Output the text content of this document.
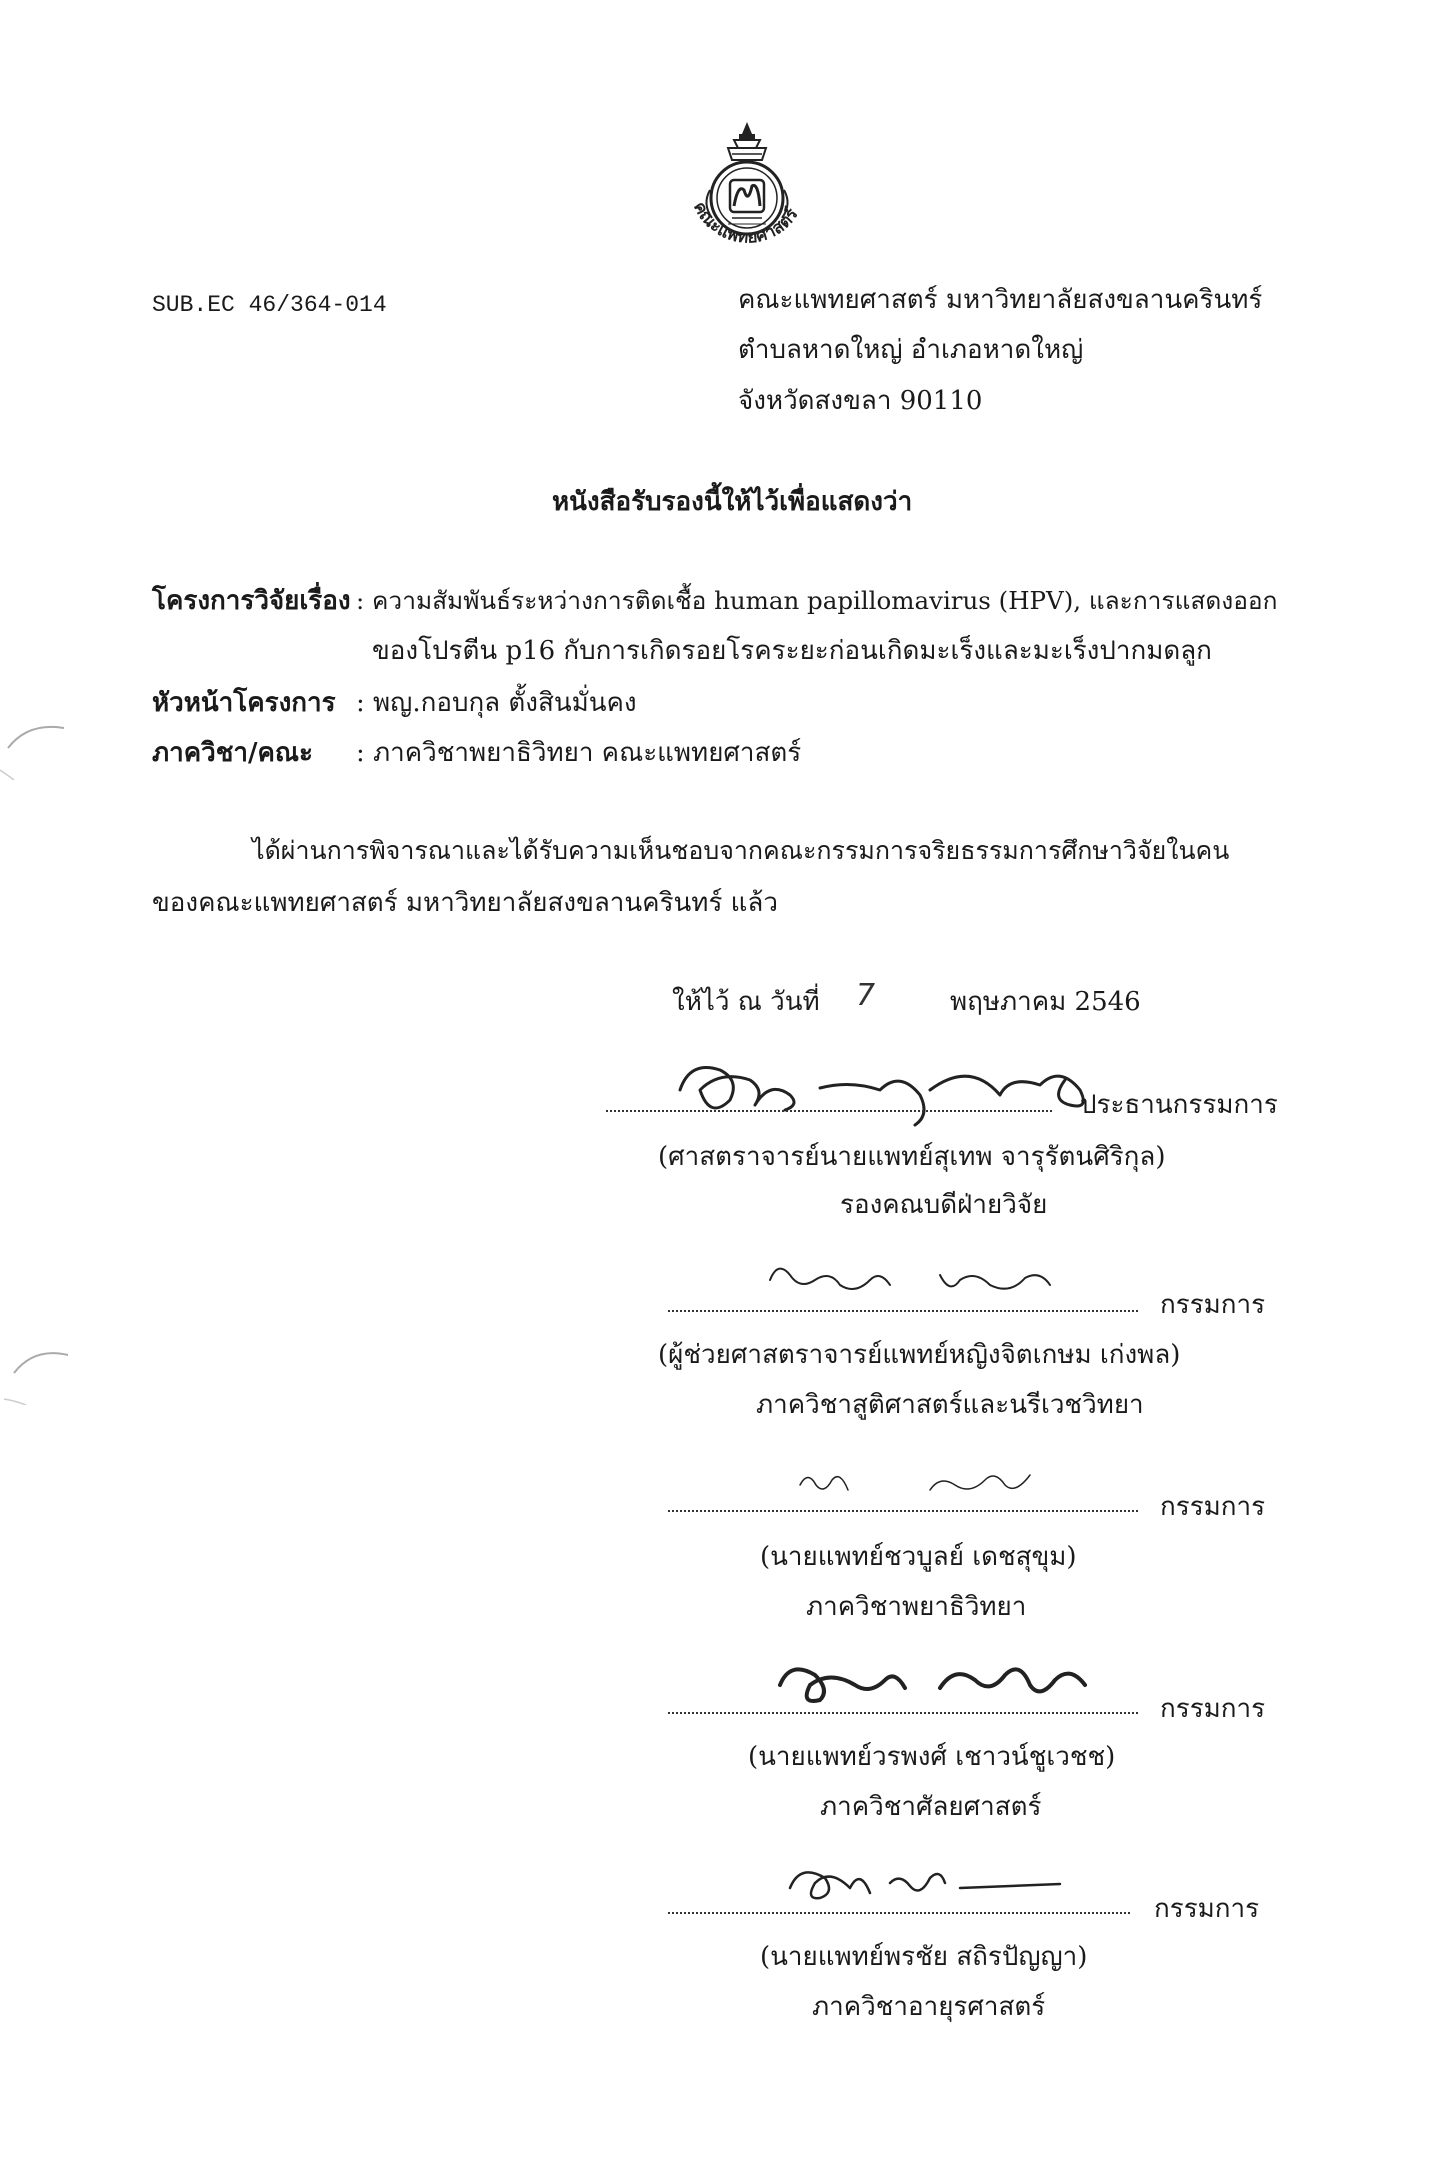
คณะแพทยศาสตร์
SUB.EC 46/364-014	คณะแพทยศาสตร์ มหาวิทยาลัยสงขลานครินทร์
ตำบลหาดใหญ่ อำเภอหาดใหญ่
จังหวัดสงขลา 90110
หนังสือรับรองนี้ให้ไว้เพื่อแสดงว่า
โครงการวิจัยเรื่อง : ความสัมพันธ์ระหว่างการติดเชื้อ human papillomavirus (HPV), และการแสดงออก
ของโปรตีน p16 กับการเกิดรอยโรคระยะก่อนเกิดมะเร็งและมะเร็งปากมดลูก
หัวหน้าโครงการ : พญ.กอบกุล ตั้งสินมั่นคง
ภาควิชา/คณะ : ภาควิชาพยาธิวิทยา คณะแพทยศาสตร์
ได้ผ่านการพิจารณาและได้รับความเห็นชอบจากคณะกรรมการจริยธรรมการศึกษาวิจัยในคน
ของคณะแพทยศาสตร์ มหาวิทยาลัยสงขลานครินทร์ แล้ว
ให้ไว้ ณ วันที่ 7	พฤษภาคม 2546
ประธานกรรมการ
(ศาสตราจารย์นายแพทย์สุเทพ จารุรัตนศิริกุล)
รองคณบดีฝ่ายวิจัย
กรรมการ
(ผู้ช่วยศาสตราจารย์แพทย์หญิงจิตเกษม เก่งพล)
ภาควิชาสูติศาสตร์และนรีเวชวิทยา
กรรมการ
(นายแพทย์ชวบูลย์ เดชสุขุม)
ภาควิชาพยาธิวิทยา
กรรมการ
(นายแพทย์วรพงศ์ เชาวน์ชูเวชช)
ภาควิชาศัลยศาสตร์
กรรมการ
(นายแพทย์พรชัย สถิรปัญญา)
ภาควิชาอายุรศาสตร์
